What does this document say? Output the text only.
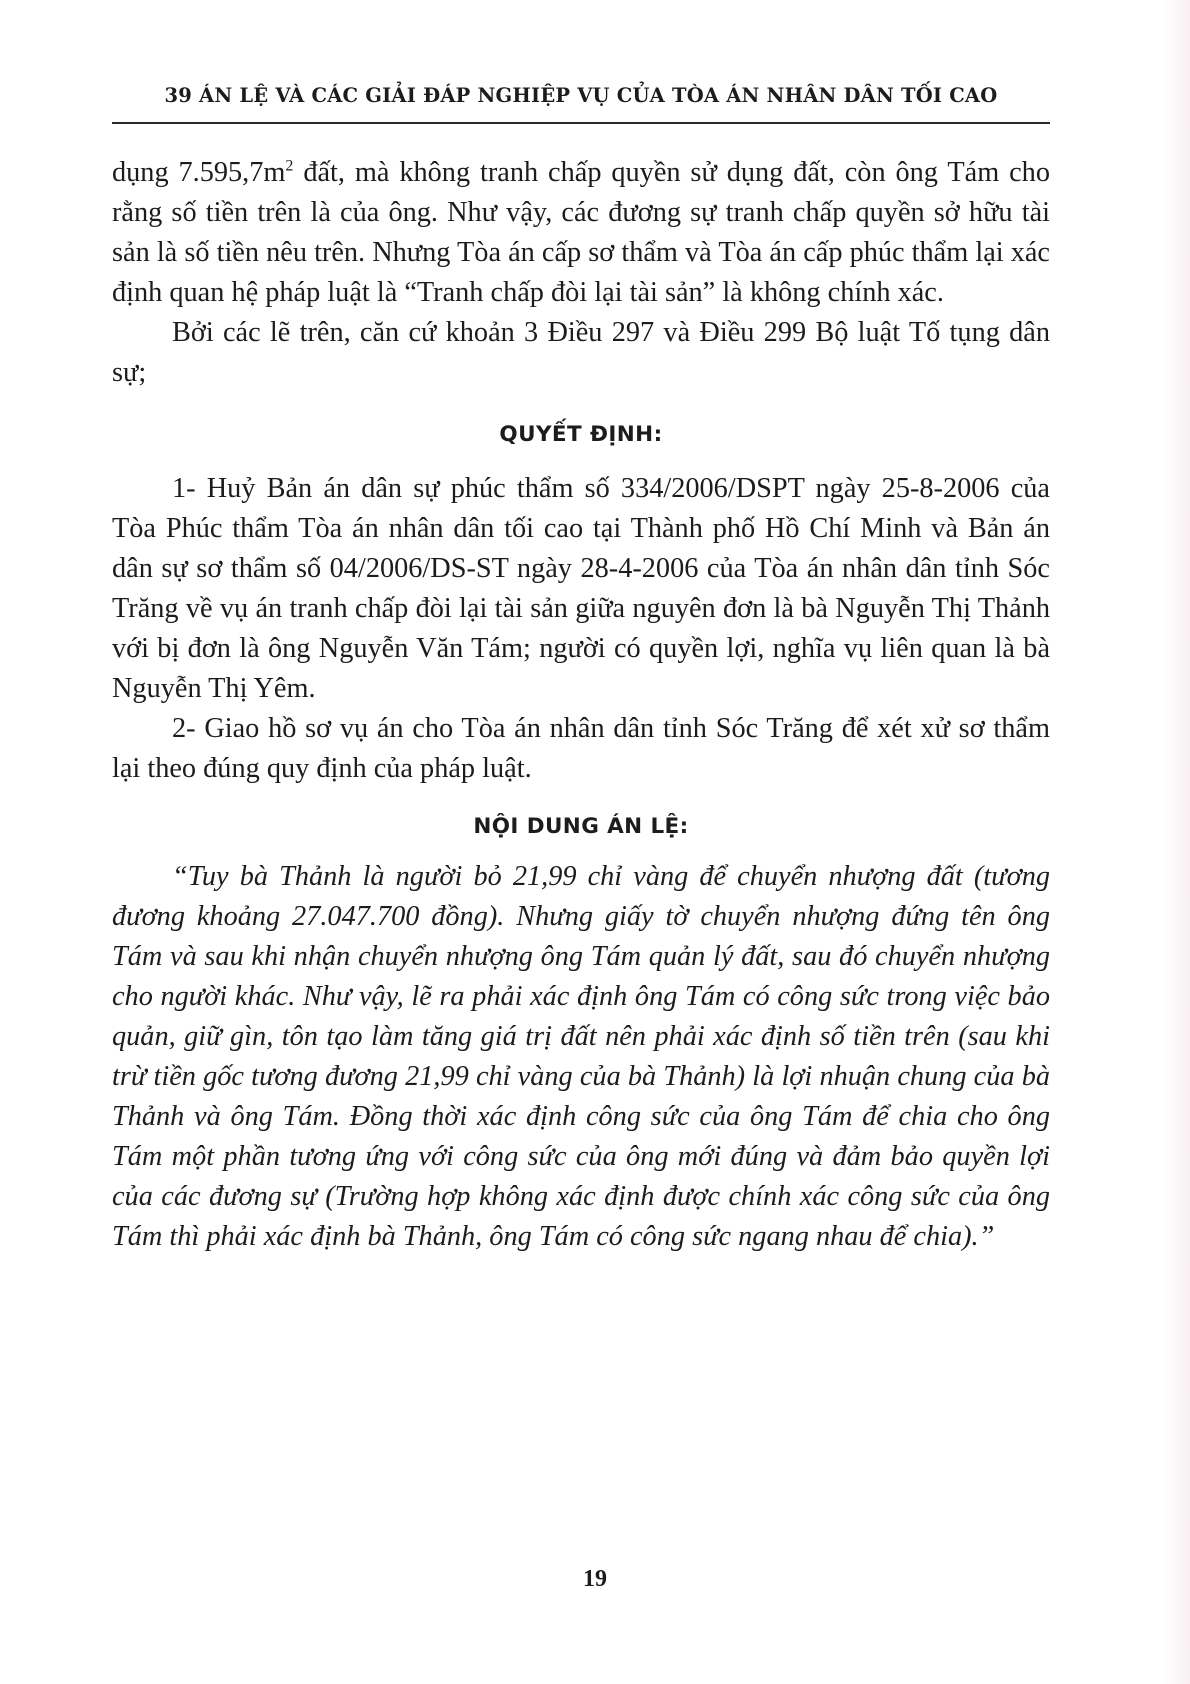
39 ÁN LỆ VÀ CÁC GIẢI ĐÁP NGHIỆP VỤ CỦA TÒA ÁN NHÂN DÂN TỐI CAO

dụng $7.595,7m^2$ đất, mà không tranh chấp quyền sử dụng đất, còn ông Tám cho rằng số tiền trên là của ông. Như vậy, các đương sự tranh chấp quyền sở hữu tài sản là số tiền nêu trên. Nhưng Tòa án cấp sơ thẩm và Tòa án cấp phúc thẩm lại xác định quan hệ pháp luật là “Tranh chấp đòi lại tài sản” là không chính xác.

Bởi các lẽ trên, căn cứ khoản 3 Điều 297 và Điều 299 Bộ luật Tố tụng dân sự;

QUYẾT ĐỊNH:

1- Huỷ Bản án dân sự phúc thẩm số 334/2006/DSPT ngày 25-8-2006 của Tòa Phúc thẩm Tòa án nhân dân tối cao tại Thành phố Hồ Chí Minh và Bản án dân sự sơ thẩm số 04/2006/DS-ST ngày 28-4-2006 của Tòa án nhân dân tỉnh Sóc Trăng về vụ án tranh chấp đòi lại tài sản giữa nguyên đơn là bà Nguyễn Thị Thảnh với bị đơn là ông Nguyễn Văn Tám; người có quyền lợi, nghĩa vụ liên quan là bà Nguyễn Thị Yêm.

2- Giao hồ sơ vụ án cho Tòa án nhân dân tỉnh Sóc Trăng để xét xử sơ thẩm lại theo đúng quy định của pháp luật.

NỘI DUNG ÁN LỆ:

“Tuy bà Thảnh là người bỏ 21,99 chỉ vàng để chuyển nhượng đất (tương đương khoảng 27.047.700 đồng). Nhưng giấy tờ chuyển nhượng đứng tên ông Tám và sau khi nhận chuyển nhượng ông Tám quản lý đất, sau đó chuyển nhượng cho người khác. Như vậy, lẽ ra phải xác định ông Tám có công sức trong việc bảo quản, giữ gìn, tôn tạo làm tăng giá trị đất nên phải xác định số tiền trên (sau khi trừ tiền gốc tương đương 21,99 chỉ vàng của bà Thảnh) là lợi nhuận chung của bà Thảnh và ông Tám. Đồng thời xác định công sức của ông Tám để chia cho ông Tám một phần tương ứng với công sức của ông mới đúng và đảm bảo quyền lợi của các đương sự (Trường hợp không xác định được chính xác công sức của ông Tám thì phải xác định bà Thảnh, ông Tám có công sức ngang nhau để chia).”

19
